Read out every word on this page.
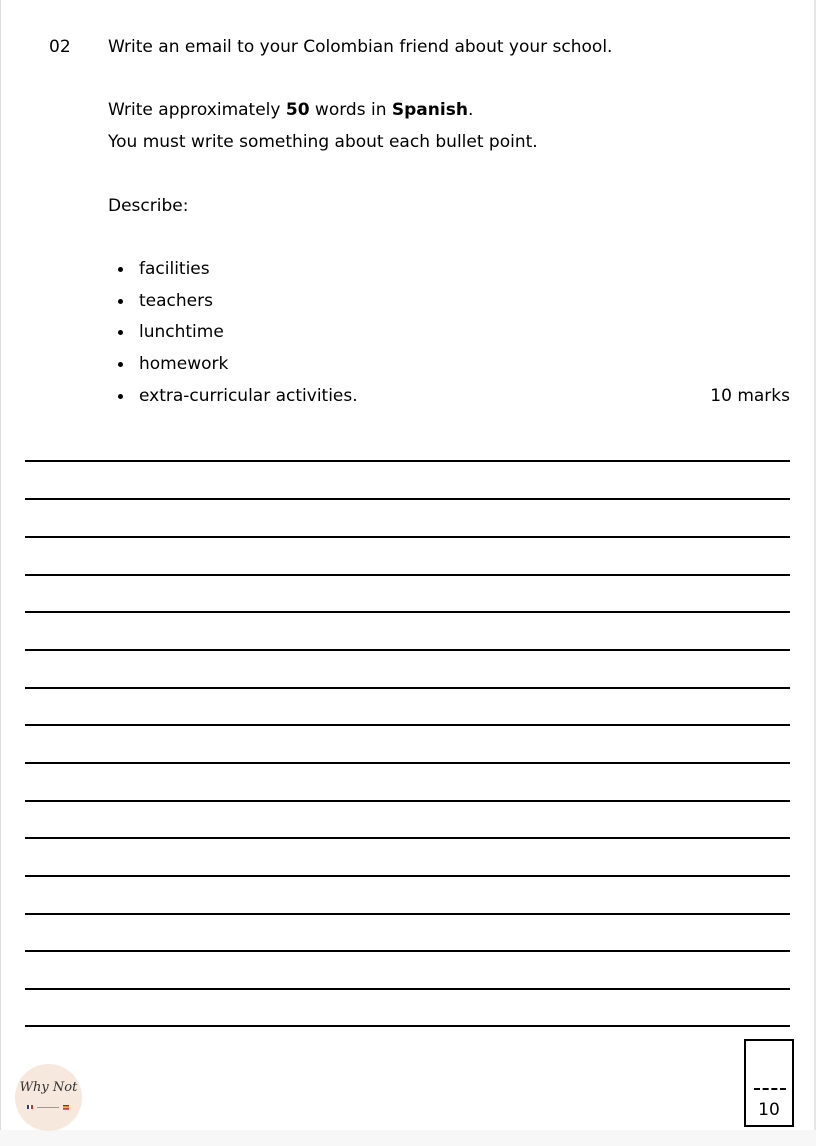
02 Write an email to your Colombian friend about your school.
Write approximately 50 words in Spanish.
You must write something about each bullet point.
Describe:
facilities
teachers
lunchtime
homework
extra-curricular activities.	10 marks
10
Why Not
